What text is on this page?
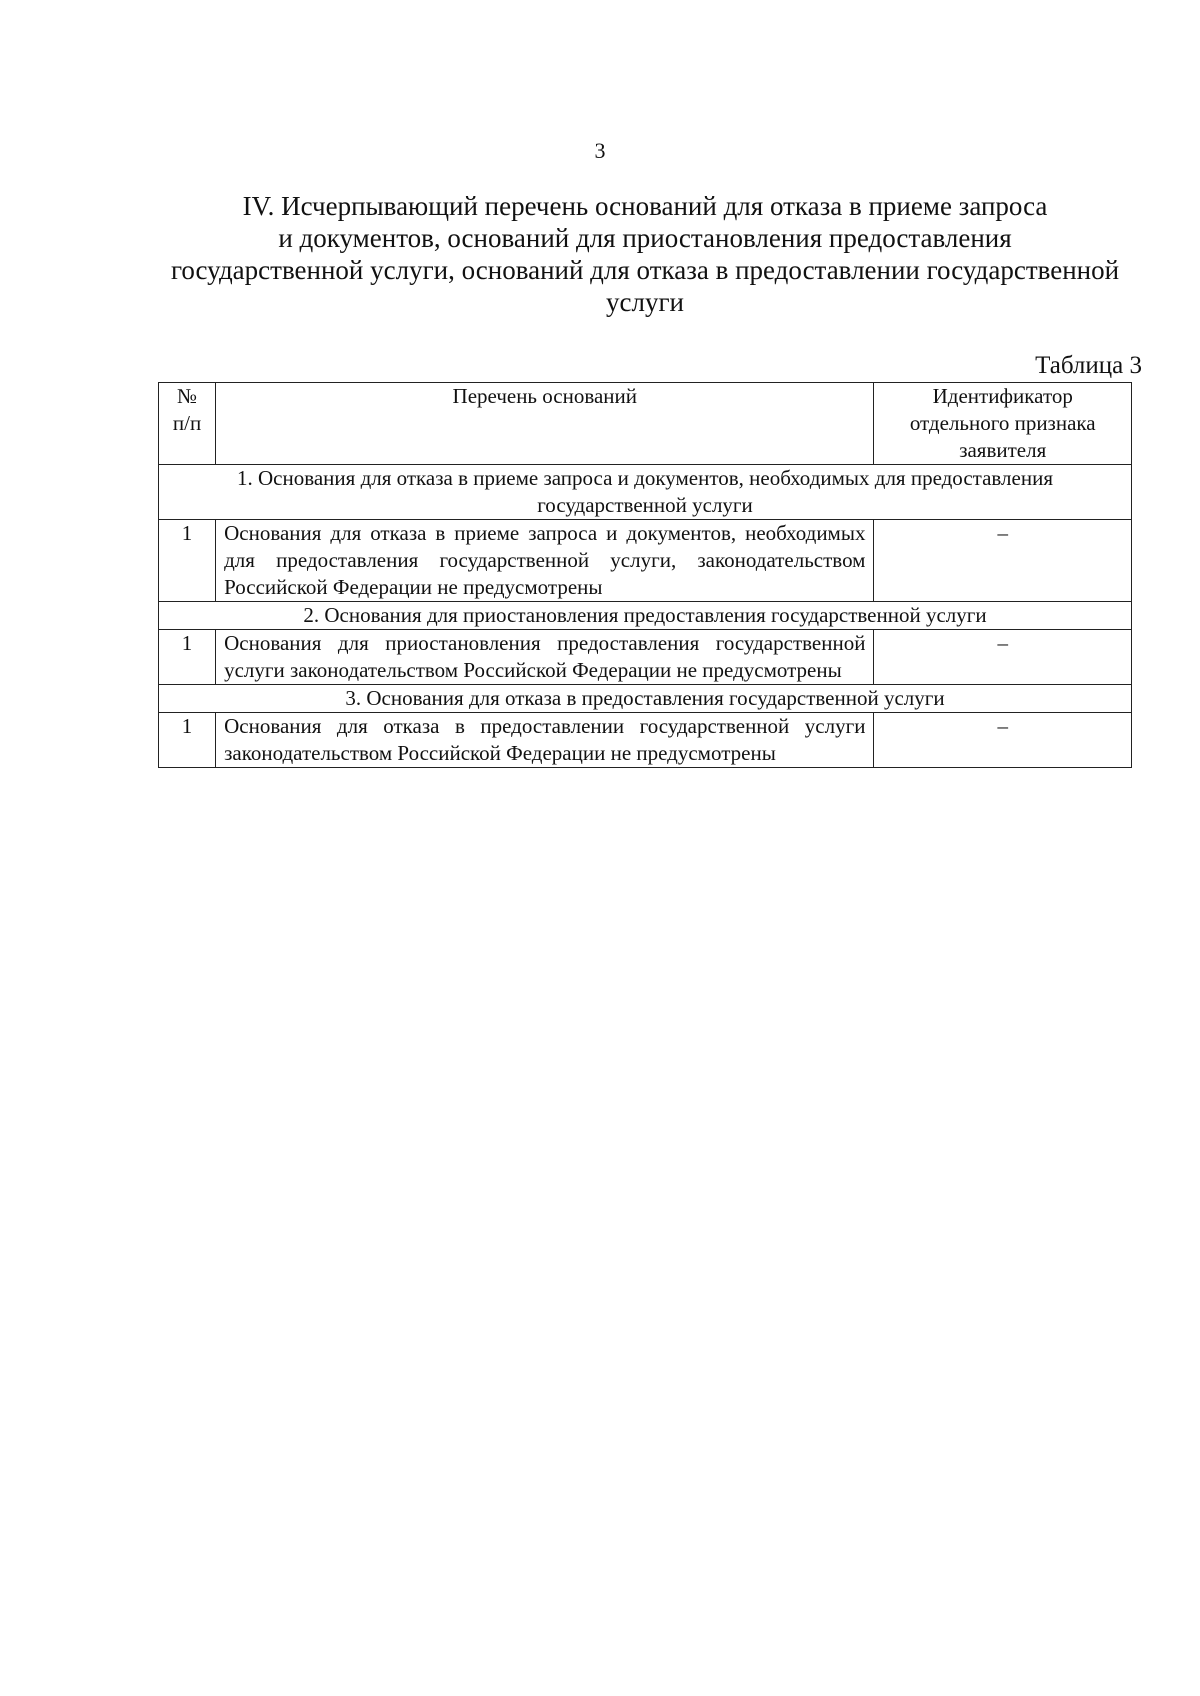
3
IV. Исчерпывающий перечень оснований для отказа в приеме запроса
и документов, оснований для приостановления предоставления
государственной услуги, оснований для отказа в предоставлении государственной
услуги
Таблица 3
№ п/п	Перечень оснований	Идентификатор отдельного признака заявителя
1. Основания для отказа в приеме запроса и документов, необходимых для предоставления государственной услуги		
1	Основания для отказа в приеме запроса и документов, необходимых для предоставления государственной услуги, законодательством Российской Федерации не предусмотрены	–
2. Основания для приостановления предоставления государственной услуги		
1	Основания для приостановления предоставления государственной услуги законодательством Российской Федерации не предусмотрены	–
3. Основания для отказа в предоставления государственной услуги		
1	Основания для отказа в предоставлении государственной услуги законодательством Российской Федерации не предусмотрены	–
